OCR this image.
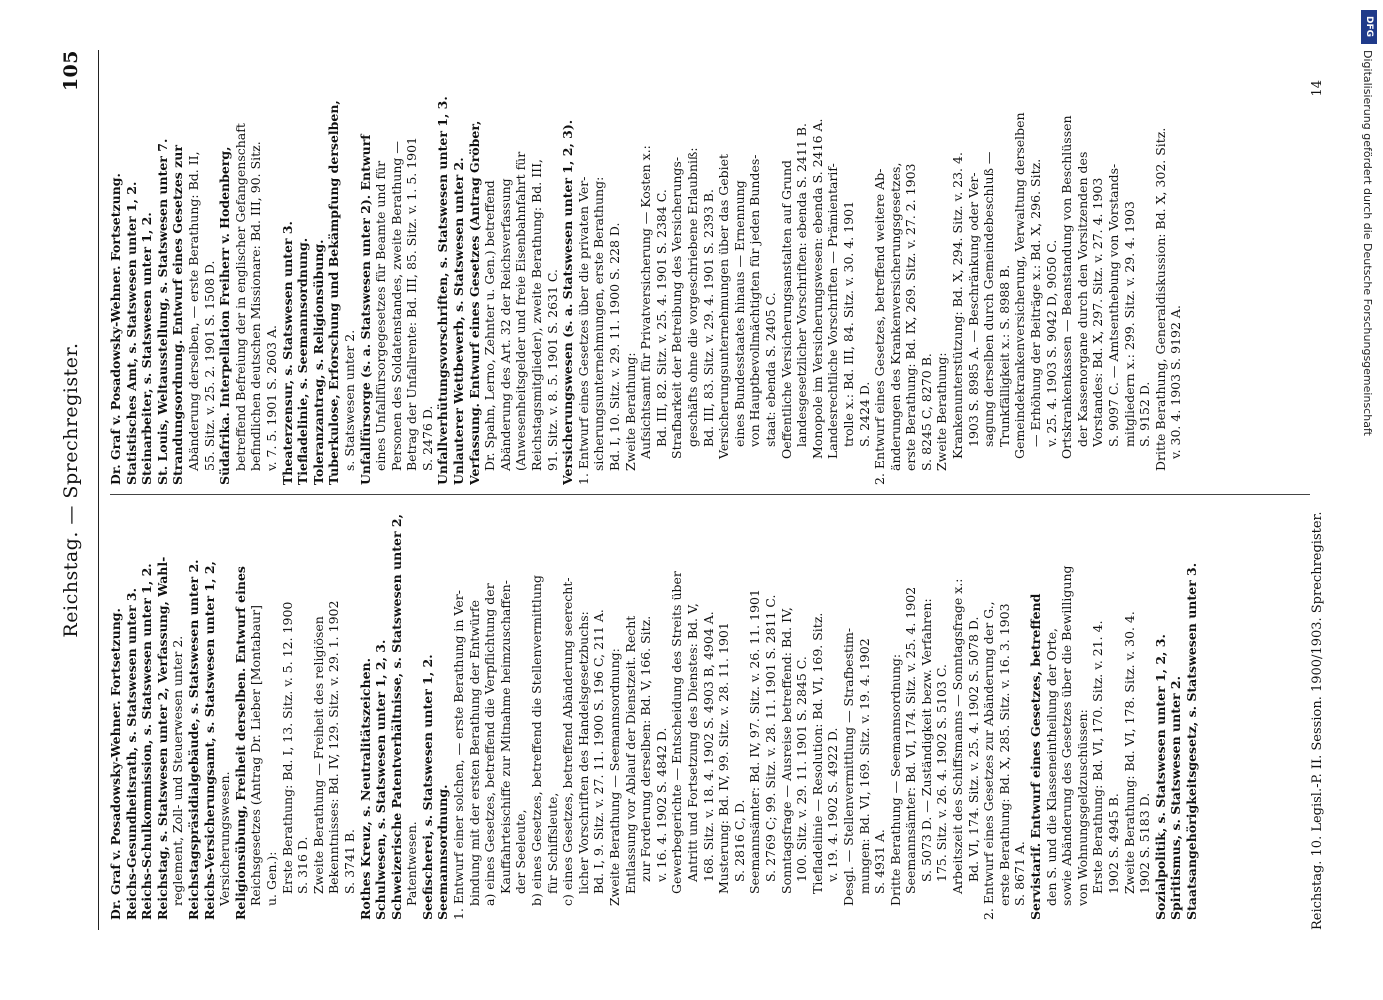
Reichstag. — Sprechregister.
105
Dr. Graf v. Posadowsky-Wehner. Fortsetzung. Reichs-Gesundheitsrath, s. Statswesen unter 3. Reichs-Schulkommission, s. Statswesen unter 1, 2. Reichstag, s. Statswesen unter 2, Verfassung, Wahl- reglement, Zoll- und Steuerwesen unter 2. Reichstagspräsidialgebäude, s. Statswesen unter 2. Reichs-Versicherungsamt, s. Statswesen unter 1, 2, Versicherungswesen. Religionsübung, Freiheit derselben. Entwurf eines Reichsgesetzes (Antrag Dr. Lieber [Montabaur] u. Gen.): Erste Berathung: Bd. I, 13. Sitz. v. 5. 12. 1900 S. 316 D. Zweite Berathung — Freiheit des religiösen Bekenntnisses: Bd. IV, 129. Sitz. v. 29. 1. 1902 S. 3741 B. Rothes Kreuz, s. Neutralitätszeichen. Schulwesen, s. Statswesen unter 1, 2, 3. Schweizerische Patentverhältnisse, s. Statswesen unter 2, Patentwesen. Seefischerei, s. Statswesen unter 1, 2. Seemannsordnung. 1. Entwurf einer solchen, — erste Berathung in Ver- bindung mit der ersten Berathung der Entwürfe a) eines Gesetzes, betreffend die Verpflichtung der Kauffahrteischiffe zur Mitnahme heimzuschaffen- der Seeleute, b) eines Gesetzes, betreffend die Stellenvermittlung für Schiffsleute, c) eines Gesetzes, betreffend Abänderung seerecht- licher Vorschriften des Handelsgesetzbuchs: Bd. I, 9. Sitz. v. 27. 11. 1900 S. 196 C, 211 A. Zweite Berathung — Seemannsordnung: Entlassung vor Ablauf der Dienstzeit. Recht zur Forderung derselben: Bd. V, 166. Sitz. v. 16. 4. 1902 S. 4842 D. Gewerbegerichte — Entscheidung des Streits über Antritt und Fortsetzung des Dienstes: Bd. V, 168. Sitz. v. 18. 4. 1902 S. 4903 B, 4904 A. Musterung: Bd. IV, 99. Sitz. v. 28. 11. 1901 S. 2816 C, D. Seemannsämter: Bd. IV, 97. Sitz. v. 26. 11. 1901 S. 2769 C; 99. Sitz. v. 28. 11. 1901 S. 2811 C. Sonntagsfrage — Ausreise betreffend: Bd. IV, 100. Sitz. v. 29. 11. 1901 S. 2845 C. Tiefladelinie — Resolution: Bd. VI, 169. Sitz. v. 19. 4. 1902 S. 4922 D. Desgl. — Stellenvermittlung — Strafbestim- mungen: Bd. VI, 169. Sitz. v. 19. 4. 1902 S. 4931 A. Dritte Berathung — Seemannsordnung: Seemannsämter: Bd. VI, 174. Sitz. v. 25. 4. 1902 S. 5073 D. — Zuständigkeit bezw. Verfahren: 175. Sitz. v. 26. 4. 1902 S. 5103 C. Arbeitszeit des Schiffsmanns — Sonntagsfrage x.: Bd. VI, 174. Sitz. v. 25. 4. 1902 S. 5078 D. 2. Entwurf eines Gesetzes zur Abänderung der G., erste Berathung: Bd. X, 285. Sitz. v. 16. 3. 1903 S. 8671 A. Servistarif. Entwurf eines Gesetzes, betreffend den S. und die Klasseneintheilung der Orte, sowie Abänderung des Gesetzes über die Bewilligung von Wohnungsgeldzuschüssen: Erste Berathung: Bd. VI, 170. Sitz. v. 21. 4. 1902 S. 4945 B. Zweite Berathung: Bd. VI, 178. Sitz. v. 30. 4. 1902 S. 5183 D. Sozialpolitik, s. Statswesen unter 1, 2, 3. Spiritismus, s. Statswesen unter 2. Staatsangehörigkeitsgesetz, s. Statswesen unter 3.
Dr. Graf v. Posadowsky-Wehner. Fortsetzung. Statistisches Amt, s. Statswesen unter 1, 2. Steinarbeiter, s. Statswesen unter 1, 2. St. Louis, Weltausstellung, s. Statswesen unter 7. Strandungsordnung. Entwurf eines Gesetzes zur Abänderung derselben, — erste Berathung: Bd. II, 55. Sitz. v. 25. 2. 1901 S. 1508 D. Südafrika. Interpellation Freiherr v. Hodenberg, betreffend Befreiung der in englischer Gefangenschaft befindlichen deutschen Missionare: Bd. III, 90. Sitz. v. 7. 5. 1901 S. 2603 A. Theaterzensur, s. Statswesen unter 3. Tiefladelinie, s. Seemannsordnung. Toleranzantrag, s. Religionsübung. Tuberkulose, Erforschung und Bekämpfung derselben, s. Statswesen unter 2. Unfallfürsorge (s. a. Statswesen unter 2). Entwurf eines Unfallfürsorgegesetzes für Beamte und für Personen des Soldatenstandes, zweite Berathung — Betrag der Unfallrente: Bd. III, 85. Sitz. v. 1. 5. 1901 S. 2476 D. Unfallverhütungsvorschriften, s. Statswesen unter 1, 3. Unlauterer Wettbewerb, s. Statswesen unter 2. Verfassung. Entwurf eines Gesetzes (Antrag Gröber, Dr. Spahn, Lerno, Zehnter u. Gen.) betreffend Abänderung des Art. 32 der Reichsverfassung (Anwesenheitsgelder und freie Eisenbahnfahrt für Reichstagsmitglieder), zweite Berathung: Bd. III, 91. Sitz. v. 8. 5. 1901 S. 2631 C. Versicherungswesen (s. a. Statswesen unter 1, 2, 3). 1. Entwurf eines Gesetzes über die privaten Ver- sicherungsunternehmungen, erste Berathung: Bd. I, 10. Sitz. v. 29. 11. 1900 S. 228 D. Zweite Berathung: Aufsichtsamt für Privatversicherung — Kosten x.: Bd. III, 82. Sitz. v. 25. 4. 1901 S. 2384 C. Strafbarkeit der Betreibung des Versicherungs- geschäfts ohne die vorgeschriebene Erlaubniß: Bd. III, 83. Sitz. v. 29. 4. 1901 S. 2393 B. Versicherungsunternehmungen über das Gebiet eines Bundesstaates hinaus — Ernennung von Hauptbevollmächtigten für jeden Bundes- staat: ebenda S. 2405 C. Oeffentliche Versicherungsanstalten auf Grund landesgesetzlicher Vorschriften: ebenda S. 2411 B. Monopole im Versicherungswesen: ebenda S. 2416 A. Landesrechtliche Vorschriften — Prämientarif- trolle x.: Bd. III, 84. Sitz. v. 30. 4. 1901 S. 2424 D. 2. Entwurf eines Gesetzes, betreffend weitere Ab- änderungen des Krankenversicherungsgesetzes, erste Berathung: Bd. IX, 269. Sitz. v. 27. 2. 1903 S. 8245 C, 8270 B. Zweite Berathung: Krankenunterstützung: Bd. X, 294. Sitz. v. 23. 4. 1903 S. 8985 A. — Beschränkung oder Ver- sagung derselben durch Gemeindebeschluß — Trunkfälligkeit x.: S. 8988 B. Gemeindekrankenversicherung, Verwaltung derselben — Erhöhung der Beiträge x.: Bd. X, 296. Sitz. v. 25. 4. 1903 S. 9042 D, 9050 C. Ortskrankenkassen — Beanstandung von Beschlüssen der Kassenorgane durch den Vorsitzenden des Vorstandes: Bd. X, 297. Sitz. v. 27. 4. 1903 S. 9097 C. — Amtsenthebung von Vorstands- mitgliedern x.: 299. Sitz. v. 29. 4. 1903 S. 9152 D. Dritte Berathung, Generaldiskussion: Bd. X, 302. Sitz. v. 30. 4. 1903 S. 9192 A.
Reichstag. 10. Legisl.-P. II. Session. 1900/1903. Sprechregister.
14
DFG
Digitalisierung gefördert durch die Deutsche Forschungsgemeinschaft
